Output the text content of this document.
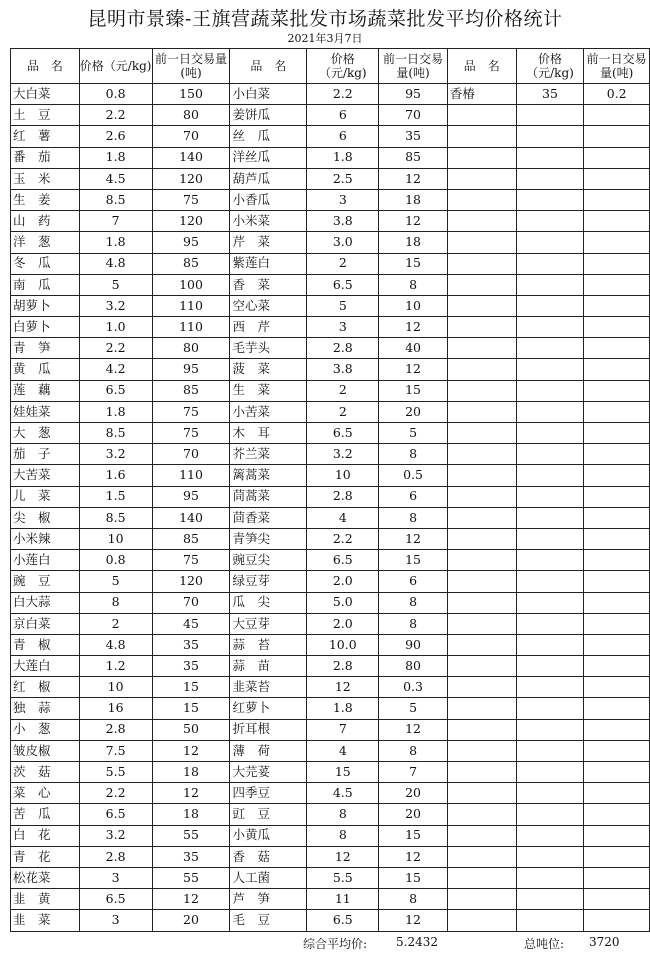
昆明市景臻-王旗营蔬菜批发市场蔬菜批发平均价格统计
2021年3月7日
品　名	价格（元/kg)	前一日交易量(吨)	品　名	价格（元/kg)	前一日交易量(吨)	品　名	价格（元/kg)	前一日交易量(吨)
大白菜	0.8	150	小白菜	2.2	95	香椿	35	0.2
土　豆	2.2	80	姜饼瓜	6	70			
红　薯	2.6	70	丝　瓜	6	35			
番　茄	1.8	140	洋丝瓜	1.8	85			
玉　米	4.5	120	葫芦瓜	2.5	12			
生　姜	8.5	75	小香瓜	3	18			
山　药	7	120	小米菜	3.8	12			
洋　葱	1.8	95	芹　菜	3.0	18			
冬　瓜	4.8	85	紫莲白	2	15			
南　瓜	5	100	香　菜	6.5	8			
胡萝卜	3.2	110	空心菜	5	10			
白萝卜	1.0	110	西　芹	3	12			
青　笋	2.2	80	毛芋头	2.8	40			
黄　瓜	4.2	95	菠　菜	3.8	12			
莲　藕	6.5	85	生　菜	2	15			
娃娃菜	1.8	75	小苦菜	2	20			
大　葱	8.5	75	木　耳	6.5	5			
茄　子	3.2	70	芥兰菜	3.2	8			
大苦菜	1.6	110	篱蒿菜	10	0.5			
儿　菜	1.5	95	茼蒿菜	2.8	6			
尖　椒	8.5	140	茴香菜	4	8			
小米辣	10	85	青笋尖	2.2	12			
小莲白	0.8	75	豌豆尖	6.5	15			
豌　豆	5	120	绿豆芽	2.0	6			
白大蒜	8	70	瓜　尖	5.0	8			
京白菜	2	45	大豆芽	2.0	8			
青　椒	4.8	35	蒜　苔	10.0	90			
大莲白	1.2	35	蒜　苗	2.8	80			
红　椒	10	15	韭菜苔	12	0.3			
独　蒜	16	15	红萝卜	1.8	5			
小　葱	2.8	50	折耳根	7	12			
皱皮椒	7.5	12	薄　荷	4	8			
茨　菇	5.5	18	大芫荽	15	7			
菜　心	2.2	12	四季豆	4.5	20			
苦　瓜	6.5	18	豇　豆	8	20			
白　花	3.2	55	小黄瓜	8	15			
青　花	2.8	35	香　菇	12	12			
松花菜	3	55	人工菌	5.5	15			
韭　黄	6.5	12	芦　笋	11	8			
韭　菜	3	20	毛　豆	6.5	12			
综合平均价: 5.2432	总吨位: 3720
